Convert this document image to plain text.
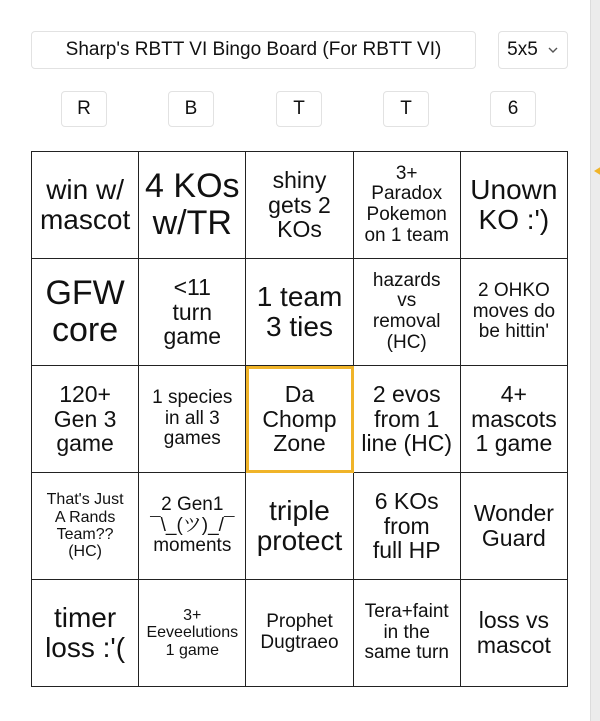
Sharp's RBTT VI Bingo Board (For RBTT VI)
5x5
R
B
T
T
6
win w/
mascot
4 KOs
w/TR
shiny
gets 2
KOs
3+
Paradox
Pokemon
on 1 team
Unown
KO :')
GFW
core
<11
turn
game
1 team
3 ties
hazards
vs
removal
(HC)
2 OHKO
moves do
be hittin'
120+
Gen 3
game
1 species
in all 3
games
Da
Chomp
Zone
2 evos
from 1
line (HC)
4+
mascots
1 game
That's Just
A Rands
Team??
(HC)
2 Gen1
¯\_(ツ)_/¯
moments
triple
protect
6 KOs
from
full HP
Wonder
Guard
timer
loss :'(
3+
Eeveelutions
1 game
Prophet
Dugtraeo
Tera+faint
in the
same turn
loss vs
mascot
